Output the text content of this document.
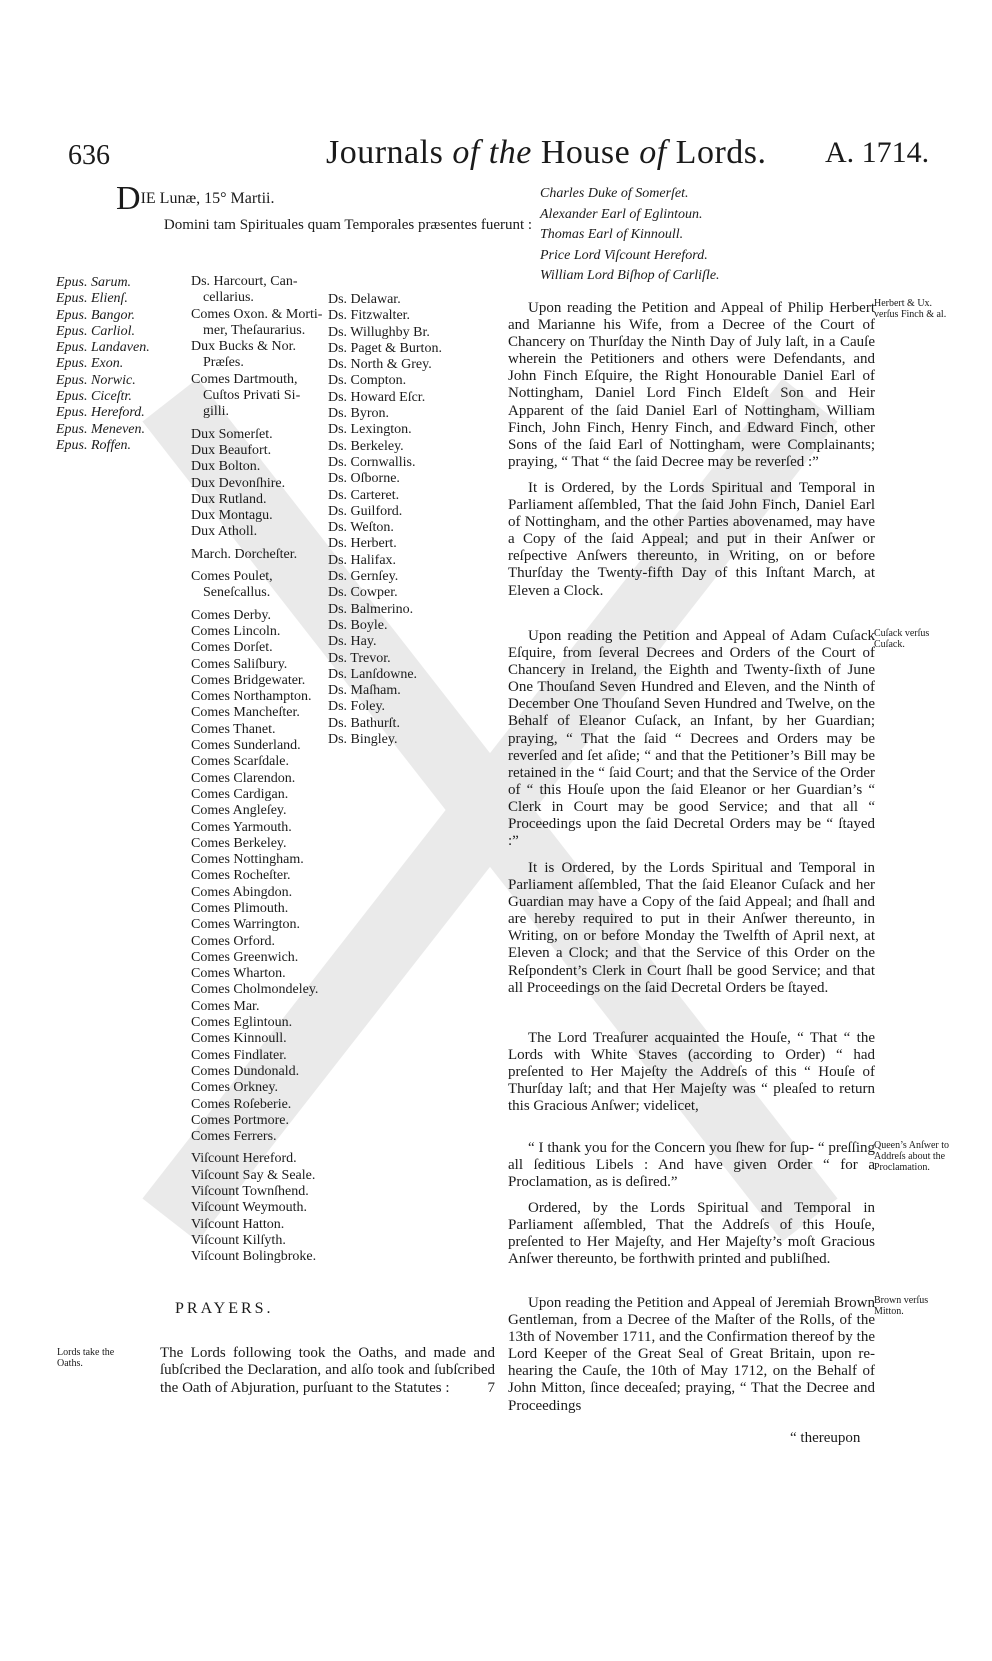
636	Journals of the House of Lords. A. 1714.
DIE Lunæ, 15° Martii.
Domini tam Spirituales quam Temporales præsentes fuerunt :
Epus. Sarum.
Epus. Elienſ.
Epus. Bangor.
Epus. Carliol.
Epus. Landaven.
Epus. Exon.
Epus. Norwic.
Epus. Ciceſtr.
Epus. Hereford.
Epus. Meneven.
Epus. Roffen.
Ds. Harcourt, Can-
cellarius.
Comes Oxon. & Morti-
mer, Theſaurarius.
Dux Bucks & Nor.
Præſes.
Comes Dartmouth,
Cuſtos Privati Si-
gilli.
Dux Somerſet.
Dux Beaufort.
Dux Bolton.
Dux Devonſhire.
Dux Rutland.
Dux Montagu.
Dux Atholl.
March. Dorcheſter.
Comes Poulet,
Seneſcallus.
Comes Derby.
Comes Lincoln.
Comes Dorſet.
Comes Saliſbury.
Comes Bridgewater.
Comes Northampton.
Comes Mancheſter.
Comes Thanet.
Comes Sunderland.
Comes Scarſdale.
Comes Clarendon.
Comes Cardigan.
Comes Angleſey.
Comes Yarmouth.
Comes Berkeley.
Comes Nottingham.
Comes Rocheſter.
Comes Abingdon.
Comes Plimouth.
Comes Warrington.
Comes Orford.
Comes Greenwich.
Comes Wharton.
Comes Cholmondeley.
Comes Mar.
Comes Eglintoun.
Comes Kinnoull.
Comes Findlater.
Comes Dundonald.
Comes Orkney.
Comes Roſeberie.
Comes Portmore.
Comes Ferrers.
Viſcount Hereford.
Viſcount Say & Seale.
Viſcount Townſhend.
Viſcount Weymouth.
Viſcount Hatton.
Viſcount Kilſyth.
Viſcount Bolingbroke.
Ds. Delawar.
Ds. Fitzwalter.
Ds. Willughby Br.
Ds. Paget & Burton.
Ds. North & Grey.
Ds. Compton.
Ds. Howard Eſcr.
Ds. Byron.
Ds. Lexington.
Ds. Berkeley.
Ds. Cornwallis.
Ds. Oſborne.
Ds. Carteret.
Ds. Guilford.
Ds. Weſton.
Ds. Herbert.
Ds. Halifax.
Ds. Gernſey.
Ds. Cowper.
Ds. Balmerino.
Ds. Boyle.
Ds. Hay.
Ds. Trevor.
Ds. Lanſdowne.
Ds. Maſham.
Ds. Foley.
Ds. Bathurſt.
Ds. Bingley.
PRAYERS.
Lords take the Oaths.
The Lords following took the Oaths, and made and ſubſcribed the Declaration, and alſo took and ſubſcribed the Oath of Abjuration, purſuant to the Statutes :	7
Charles Duke of Somerſet.
Alexander Earl of Eglintoun.
Thomas Earl of Kinnoull.
Price Lord Viſcount Hereford.
William Lord Biſhop of Carliſle.
Herbert & Ux. verſus Finch & al.
Upon reading the Petition and Appeal of Philip Herbert and Marianne his Wife, from a Decree of the Court of Chancery on Thurſday the Ninth Day of July laſt, in a Cauſe wherein the Petitioners and others were Defendants, and John Finch Eſquire, the Right Honourable Daniel Earl of Nottingham, Daniel Lord Finch Eldeſt Son and Heir Apparent of the ſaid Daniel Earl of Nottingham, William Finch, John Finch, Henry Finch, and Edward Finch, other Sons of the ſaid Earl of Nottingham, were Complainants; praying, “ That “ the ſaid Decree may be reverſed :”
It is Ordered, by the Lords Spiritual and Temporal in Parliament aſſembled, That the ſaid John Finch, Daniel Earl of Nottingham, and the other Parties abovenamed, may have a Copy of the ſaid Appeal; and put in their Anſwer or reſpective Anſwers thereunto, in Writing, on or before Thurſday the Twenty-fifth Day of this Inſtant March, at Eleven a Clock.
Cuſack verſus Cuſack.
Upon reading the Petition and Appeal of Adam Cuſack Eſquire, from ſeveral Decrees and Orders of the Court of Chancery in Ireland, the Eighth and Twenty-ſixth of June One Thouſand Seven Hundred and Eleven, and the Ninth of December One Thouſand Seven Hundred and Twelve, on the Behalf of Eleanor Cuſack, an Infant, by her Guardian; praying, “ That the ſaid “ Decrees and Orders may be reverſed and ſet aſide; “ and that the Petitioner’s Bill may be retained in the “ ſaid Court; and that the Service of the Order of “ this Houſe upon the ſaid Eleanor or her Guardian’s “ Clerk in Court may be good Service; and that all “ Proceedings upon the ſaid Decretal Orders may be “ ſtayed :”
It is Ordered, by the Lords Spiritual and Temporal in Parliament aſſembled, That the ſaid Eleanor Cuſack and her Guardian may have a Copy of the ſaid Appeal; and ſhall and are hereby required to put in their Anſwer thereunto, in Writing, on or before Monday the Twelfth of April next, at Eleven a Clock; and that the Service of this Order on the Reſpondent’s Clerk in Court ſhall be good Service; and that all Proceedings on the ſaid Decretal Orders be ſtayed.
The Lord Treaſurer acquainted the Houſe, “ That “ the Lords with White Staves (according to Order) “ had preſented to Her Majeſty the Addreſs of this “ Houſe of Thurſday laſt; and that Her Majeſty was “ pleaſed to return this Gracious Anſwer; videlicet,
Queen’s Anſwer to Addreſs about the Proclamation.
“ I thank you for the Concern you ſhew for ſup- “ preſſing all ſeditious Libels : And have given Order “ for a Proclamation, as is deſired.”
Ordered, by the Lords Spiritual and Temporal in Parliament aſſembled, That the Addreſs of this Houſe, preſented to Her Majeſty, and Her Majeſty’s moſt Gracious Anſwer thereunto, be forthwith printed and publiſhed.
Brown verſus Mitton.
Upon reading the Petition and Appeal of Jeremiah Brown Gentleman, from a Decree of the Maſter of the Rolls, of the 13th of November 1711, and the Confirmation thereof by the Lord Keeper of the Great Seal of Great Britain, upon re-hearing the Cauſe, the 10th of May 1712, on the Behalf of John Mitton, ſince deceaſed; praying, “ That the Decree and Proceedings
“ thereupon
